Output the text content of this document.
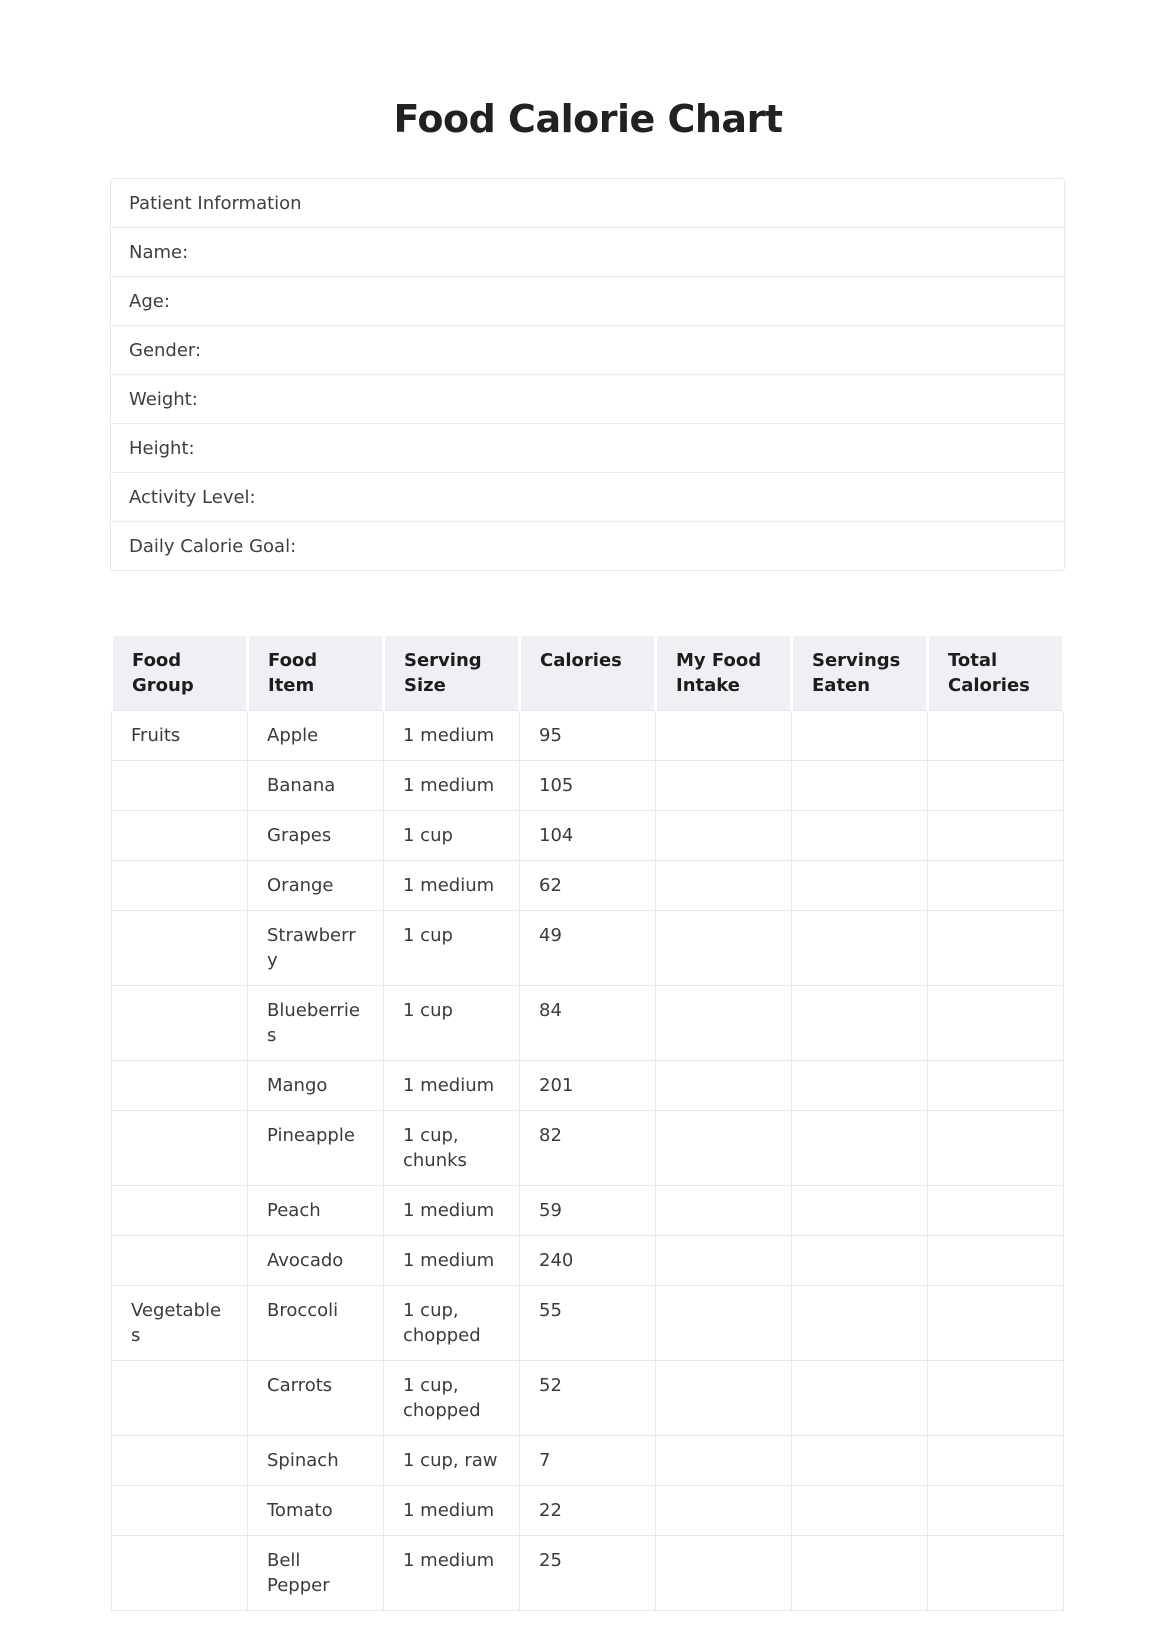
Food Calorie Chart
Patient Information
Name:
Age:
Gender:
Weight:
Height:
Activity Level:
Daily Calorie Goal:
Food Group	Food Item	Serving Size	Calories	My Food Intake	Servings Eaten	Total Calories
Fruits	Apple	1 medium	95			
	Banana	1 medium	105			
	Grapes	1 cup	104			
	Orange	1 medium	62			
	Strawberry	1 cup	49			
	Blueberries	1 cup	84			
	Mango	1 medium	201			
	Pineapple	1 cup, chunks	82			
	Peach	1 medium	59			
	Avocado	1 medium	240			
Vegetables	Broccoli	1 cup, chopped	55			
	Carrots	1 cup, chopped	52			
	Spinach	1 cup, raw	7			
	Tomato	1 medium	22			
	Bell Pepper	1 medium	25			
